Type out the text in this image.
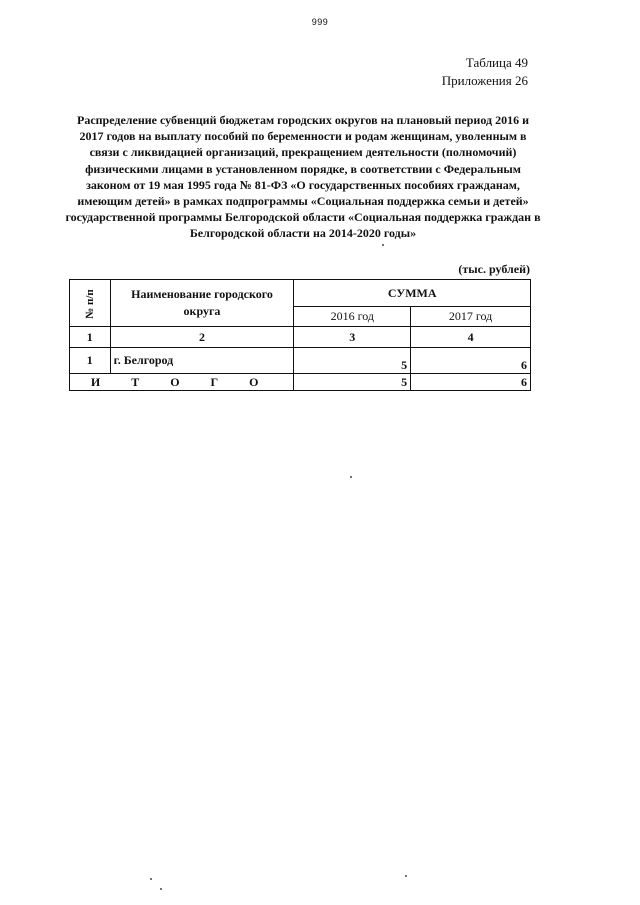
999
Таблица 49
Приложения 26
Распределение субвенций бюджетам городских округов на плановый период 2016 и 2017 годов на выплату пособий по беременности и родам женщинам, уволенным в связи с ликвидацией организаций, прекращением деятельности (полномочий) физическими лицами в установленном порядке, в соответствии с Федеральным законом от 19 мая 1995 года № 81-ФЗ «О государственных пособиях гражданам, имеющим детей» в рамках подпрограммы «Социальная поддержка семьи и детей» государственной программы Белгородской области «Социальная поддержка граждан в Белгородской области на 2014-2020 годы»
(тыс. рублей)
№ п/п	Наименование городского округа	СУММА	
		2016 год	2017 год
1	2	3	4
1	г. Белгород	5	6
И Т О Г О		5	6
